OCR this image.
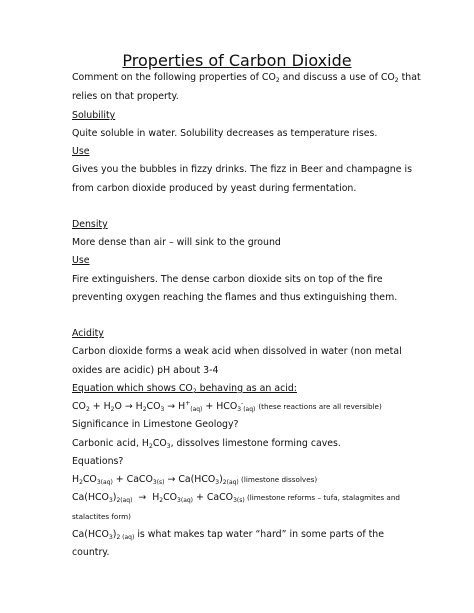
Properties of Carbon Dioxide

Comment on the following properties of $CO_2$ and discuss a use of $CO_2$ that

relies on that property.

Solubility

Quite soluble in water. Solubility decreases as temperature rises.

Use

Gives you the bubbles in fizzy drinks. The fizz in Beer and champagne is

from carbon dioxide produced by yeast during fermentation.

Density

More dense than air – will sink to the ground

Use

Fire extinguishers. The dense carbon dioxide sits on top of the fire

preventing oxygen reaching the flames and thus extinguishing them.

Acidity

Carbon dioxide forms a weak acid when dissolved in water (non metal

oxides are acidic) pH about 3-4

Equation which shows $CO_2$ behaving as an acid:

$CO_2 + H_2O \to H_2CO_3 \to H^+_{(aq)} + HCO_3^-_{(aq)}$ (these reactions are all reversible)

Significance in Limestone Geology?

Carbonic acid, $H_2CO_3$, dissolves limestone forming caves.

Equations?

$H_2CO_{3(aq)}$ + CaCO$_{3(s)}$ → $Ca(HCO_3)_{2(aq)}$ (limestone dissolves)

$Ca(HCO_3)_{2(aq)} \to H_2CO_{3(aq)}$ + CaCO$_{3(s)}$ (limestone reforms – tufa, stalagmites and

stalactites form)

$Ca(HCO_3)_{2 (aq)}$ is what makes tap water “hard” in some parts of the

country.
